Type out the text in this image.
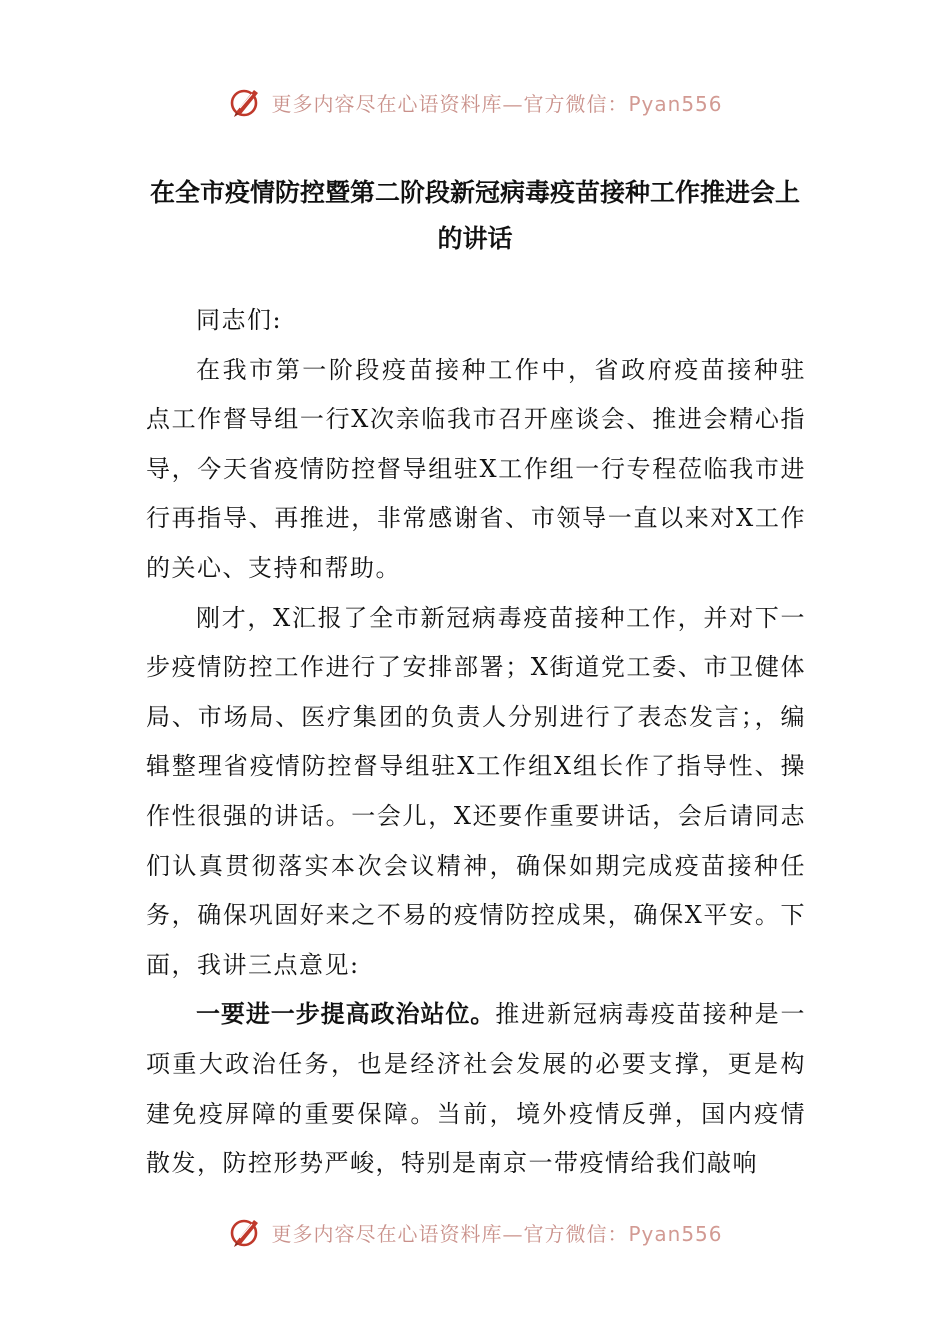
更多内容尽在心语资料库—官方微信：Pyan556
在全市疫情防控暨第二阶段新冠病毒疫苗接种工作推进会上的讲话

同志们:

在我市第一阶段疫苗接种工作中，省政府疫苗接种驻点工作督导组一行X次亲临我市召开座谈会、推进会精心指导，今天省疫情防控督导组驻X工作组一行专程莅临我市进行再指导、再推进，非常感谢省、市领导一直以来对X工作的关心、支持和帮助。

刚才，X汇报了全市新冠病毒疫苗接种工作，并对下一步疫情防控工作进行了安排部署；X街道党工委、市卫健体局、市场局、医疗集团的负责人分别进行了表态发言；，编辑整理省疫情防控督导组驻X工作组X组长作了指导性、操作性很强的讲话。一会儿，X还要作重要讲话，会后请同志们认真贯彻落实本次会议精神，确保如期完成疫苗接种任务，确保巩固好来之不易的疫情防控成果，确保X平安。下面，我讲三点意见:

一要进一步提高政治站位。推进新冠病毒疫苗接种是一项重大政治任务，也是经济社会发展的必要支撑，更是构建免疫屏障的重要保障。当前，境外疫情反弹，国内疫情散发，防控形势严峻，特别是南京一带疫情给我们敲响

更多内容尽在心语资料库—官方微信：Pyan556
